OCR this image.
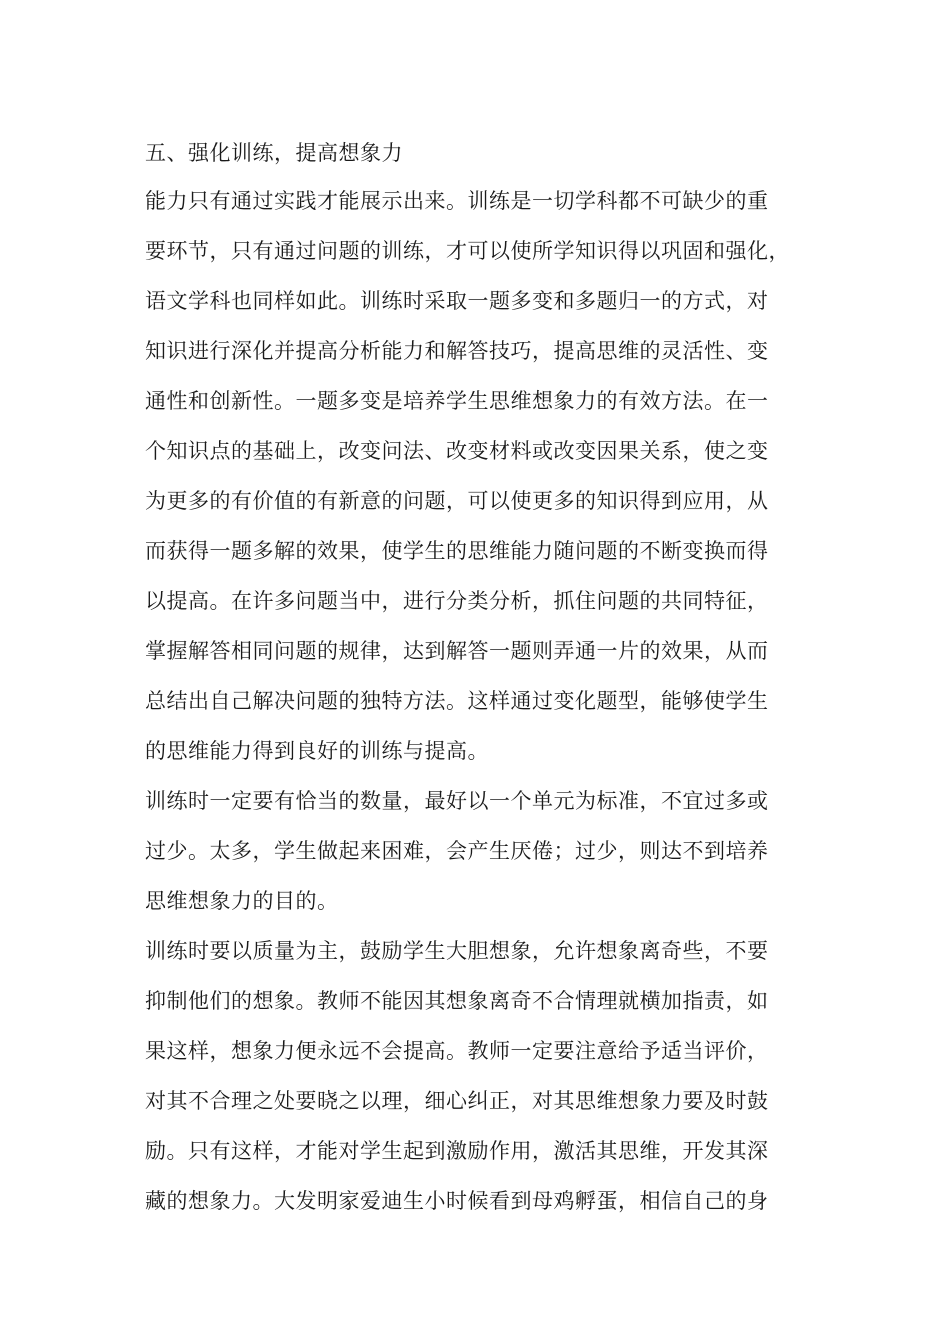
五、强化训练，提高想象力
能力只有通过实践才能展示出来。训练是一切学科都不可缺少的重
要环节，只有通过问题的训练，才可以使所学知识得以巩固和强化，
语文学科也同样如此。训练时采取一题多变和多题归一的方式，对
知识进行深化并提高分析能力和解答技巧，提高思维的灵活性、变
通性和创新性。一题多变是培养学生思维想象力的有效方法。在一
个知识点的基础上，改变问法、改变材料或改变因果关系，使之变
为更多的有价值的有新意的问题，可以使更多的知识得到应用，从
而获得一题多解的效果，使学生的思维能力随问题的不断变换而得
以提高。在许多问题当中，进行分类分析，抓住问题的共同特征，
掌握解答相同问题的规律，达到解答一题则弄通一片的效果，从而
总结出自己解决问题的独特方法。这样通过变化题型，能够使学生
的思维能力得到良好的训练与提高。
训练时一定要有恰当的数量，最好以一个单元为标准，不宜过多或
过少。太多，学生做起来困难，会产生厌倦；过少，则达不到培养
思维想象力的目的。
训练时要以质量为主，鼓励学生大胆想象，允许想象离奇些，不要
抑制他们的想象。教师不能因其想象离奇不合情理就横加指责，如
果这样，想象力便永远不会提高。教师一定要注意给予适当评价，
对其不合理之处要晓之以理，细心纠正，对其思维想象力要及时鼓
励。只有这样，才能对学生起到激励作用，激活其思维，开发其深
藏的想象力。大发明家爱迪生小时候看到母鸡孵蛋，相信自己的身
